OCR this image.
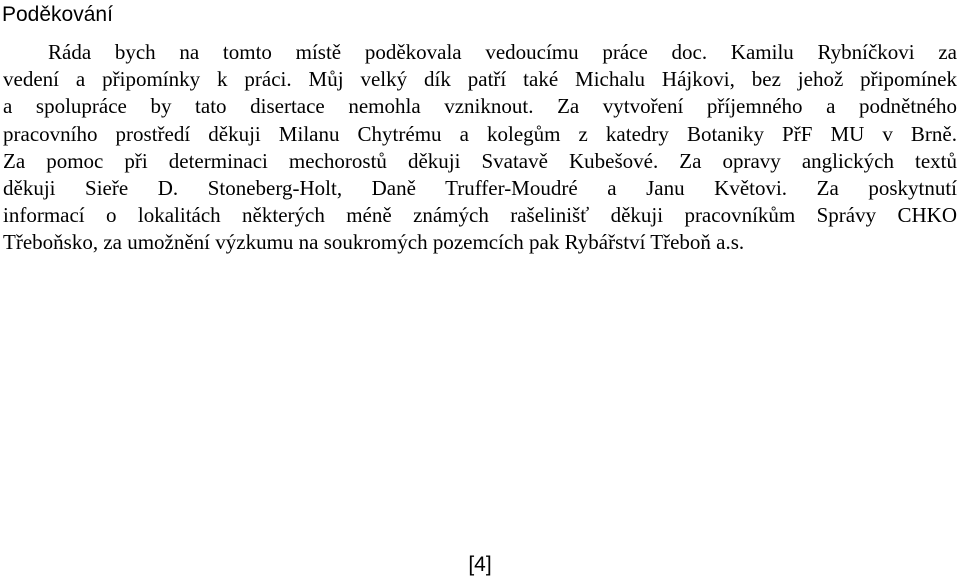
Poděkování
Ráda bych na tomto místě poděkovala vedoucímu práce doc. Kamilu Rybníčkovi za
vedení a připomínky k práci. Můj velký dík patří také Michalu Hájkovi, bez jehož připomínek
a spolupráce by tato disertace nemohla vzniknout. Za vytvoření příjemného a podnětného
pracovního prostředí děkuji Milanu Chytrému a kolegům z katedry Botaniky PřF MU v Brně.
Za pomoc při determinaci mechorostů děkuji Svatavě Kubešové. Za opravy anglických textů
děkuji Sieře D. Stoneberg-Holt, Daně Truffer-Moudré a Janu Květovi. Za poskytnutí
informací o lokalitách některých méně známých rašelinišť děkuji pracovníkům Správy CHKO
Třeboňsko, za umožnění výzkumu na soukromých pozemcích pak Rybářství Třeboň a.s.
[4]
